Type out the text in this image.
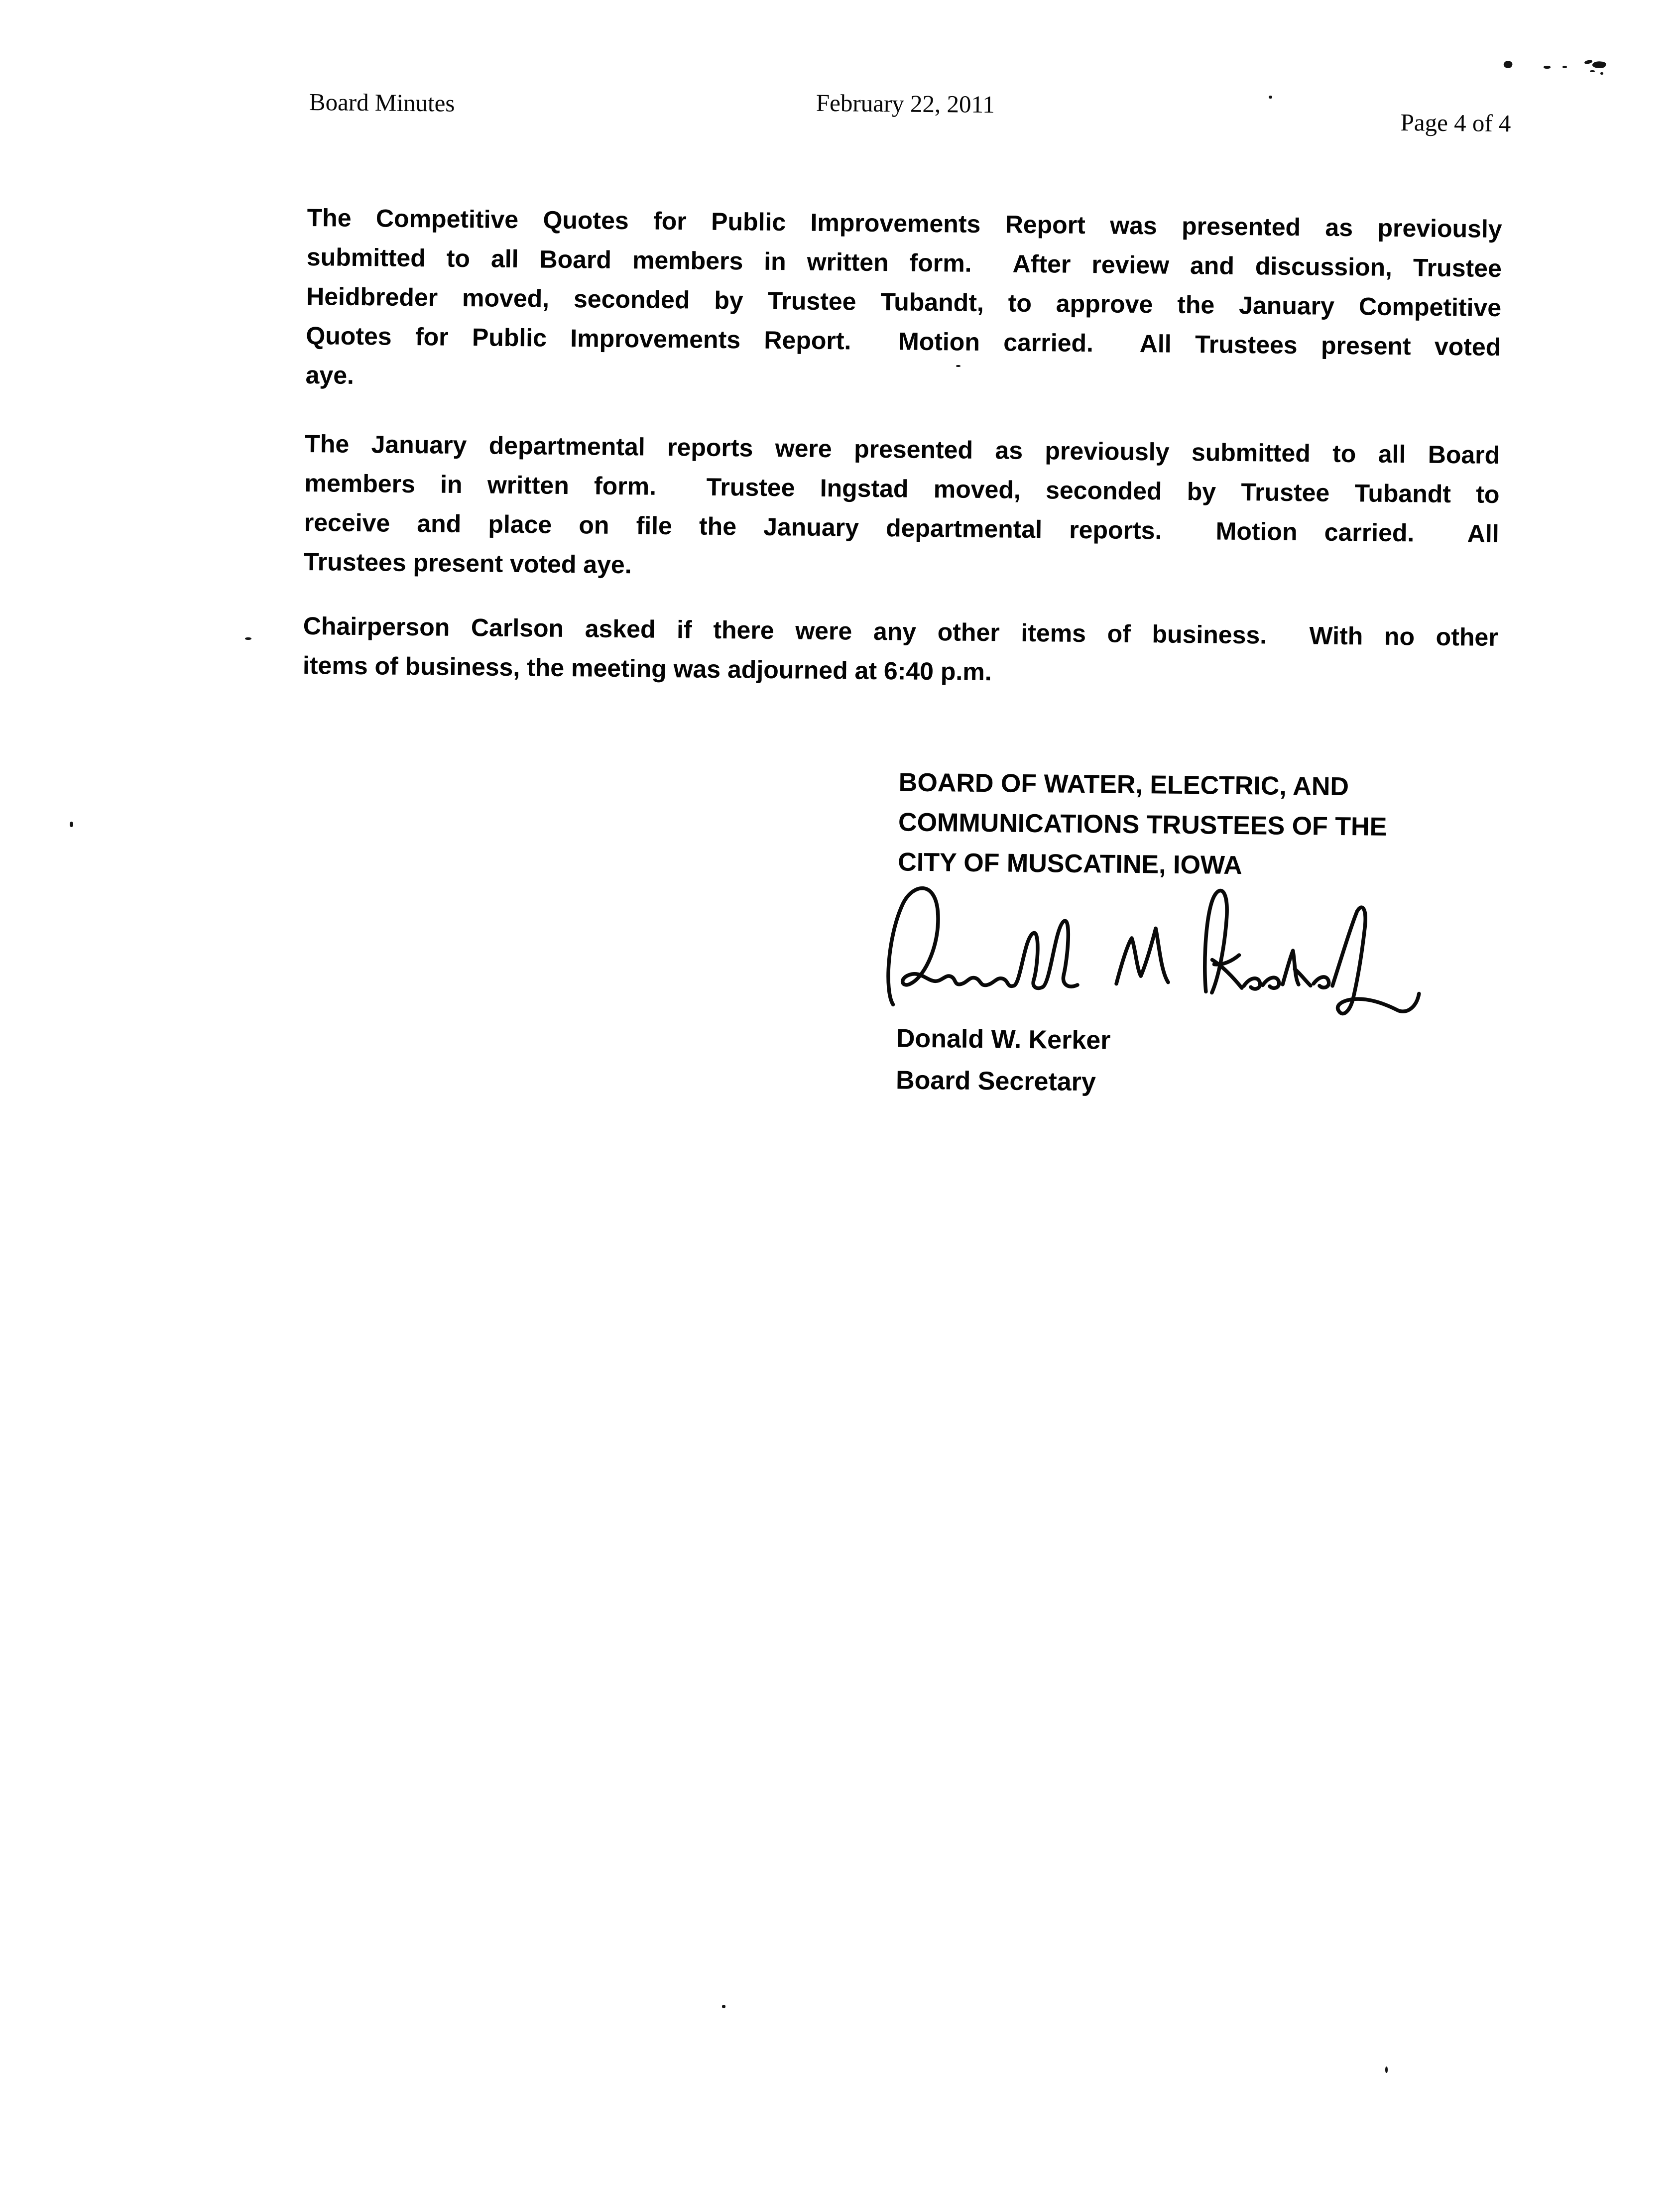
Board Minutes	February 22, 2011
Page 4 of 4
The Competitive Quotes for Public Improvements Report was presented as previously
submitted to all Board members in written form.  After review and discussion, Trustee
Heidbreder moved, seconded by Trustee Tubandt, to approve the January Competitive
Quotes for Public Improvements Report.  Motion carried.  All Trustees present voted
aye.
The January departmental reports were presented as previously submitted to all Board
members in written form.  Trustee Ingstad moved, seconded by Trustee Tubandt to
receive and place on file the January departmental reports.  Motion carried.  All
Trustees present voted aye.
Chairperson Carlson asked if there were any other items of business.  With no other
items of business, the meeting was adjourned at 6:40 p.m.
BOARD OF WATER, ELECTRIC, AND
COMMUNICATIONS TRUSTEES OF THE
CITY OF MUSCATINE, IOWA
Donald W. Kerker
Board Secretary
